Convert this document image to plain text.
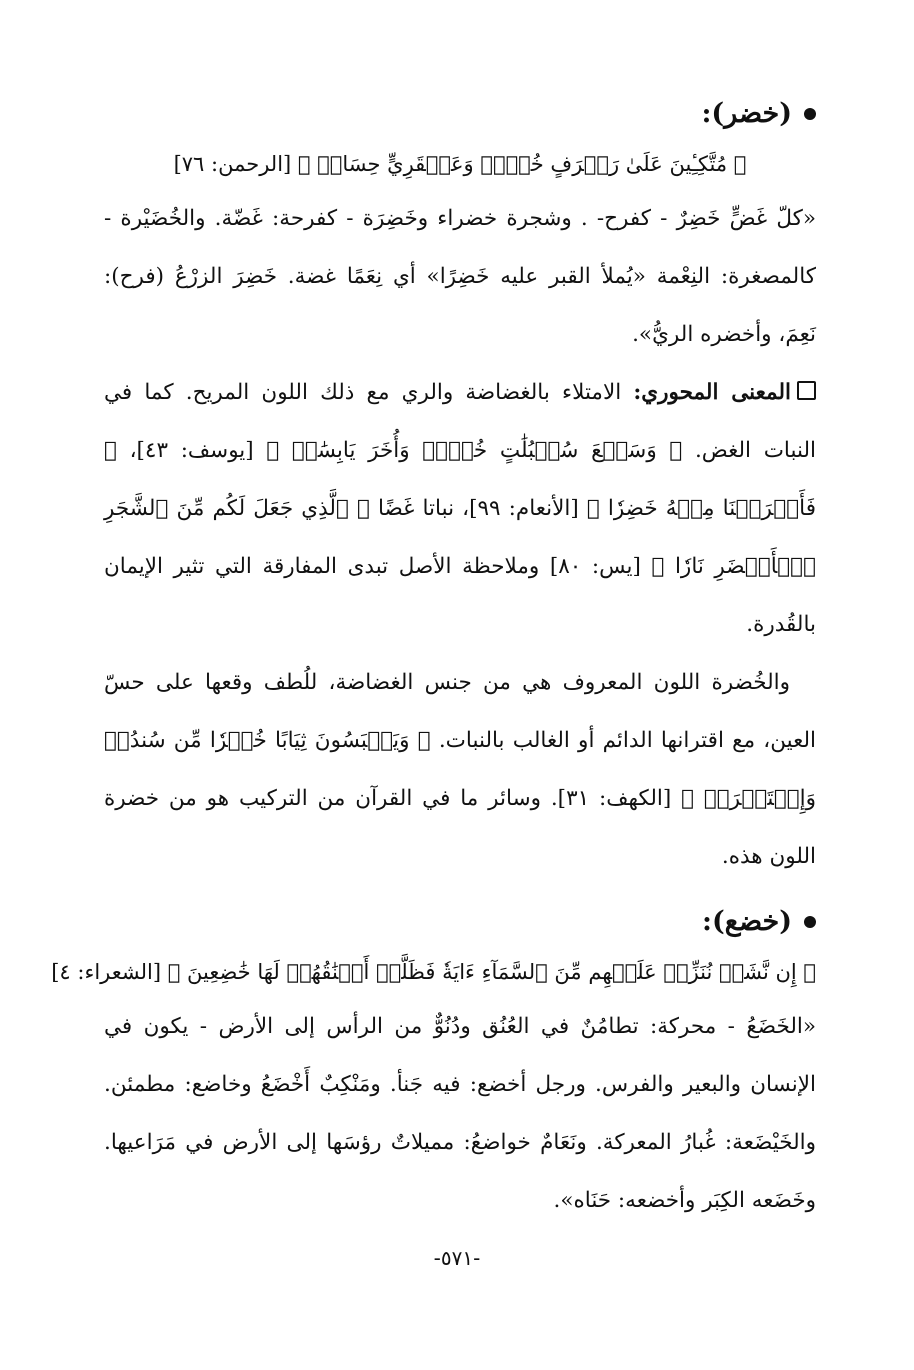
(خضر):
﴿ مُتَّكِـِٔينَ عَلَىٰ رَفۡرَفٍ خُضۡرٖ وَعَبۡقَرِيٍّ حِسَانٖ ﴾ [الرحمن: ٧٦]

«كلّ غَضٍّ خَضِرٌ - كفرح- . وشجرة خضراء وخَضِرَة - كفرحة: غَضّة. والخُضَيْرة - كالمصغرة: النِعْمة «يُملأ القبر عليه خَضِرًا» أي نِعَمًا غضة. خَضِرَ الزرْعُ (فرح): نَعِمَ، وأخضره الريُّ».

المعنى المحوري: الامتلاء بالغضاضة والري مع ذلك اللون المريح. كما في النبات الغض. ﴿ وَسَبۡعَ سُنۢبُلَٰتٍ خُضۡرٖ وَأُخَرَ يَابِسَٰتٖ ﴾ [يوسف: ٤٣]، ﴿ فَأَخۡرَجۡنَا مِنۡهُ خَضِرٗا ﴾ [الأنعام: ٩٩]، نباتا غَضًا ﴿ ٱلَّذِي جَعَلَ لَكُم مِّنَ ٱلشَّجَرِ ٱلۡأَخۡضَرِ نَارٗا ﴾ [يس: ٨٠] وملاحظة الأصل تبدى المفارقة التي تثير الإيمان بالقُدرة.

والخُضرة اللون المعروف هي من جنس الغضاضة، للُطف وقعها على حسّ العين، مع اقترانها الدائم أو الغالب بالنبات. ﴿ وَيَلۡبَسُونَ ثِيَابًا خُضۡرٗا مِّن سُندُسٖ وَإِسۡتَبۡرَقٖ ﴾ [الكهف: ٣١]. وسائر ما في القرآن من التركيب هو من خضرة اللون هذه.

(خضع):
﴿ إِن نَّشَأۡ نُنَزِّلۡ عَلَيۡهِم مِّنَ ٱلسَّمَآءِ ءَايَةٗ فَظَلَّتۡ أَعۡنَٰقُهُمۡ لَهَا خَٰضِعِينَ ﴾ [الشعراء: ٤]

«الخَضَعُ - محركة: تطامُنٌ في العُنُق ودُنُوٌّ من الرأس إلى الأرض - يكون في الإنسان والبعير والفرس. ورجل أخضع: فيه جَنأ. ومَنْكِبٌ أَخْضَعُ وخاضع: مطمئن. والخَيْضَعة: غُبارُ المعركة. ونَعَامٌ خواضعُ: مميلاتٌ رؤسَها إلى الأرض في مَرَاعيها. وخَضَعه الكِبَر وأخضعه: حَنَاه».

-٥٧١-
